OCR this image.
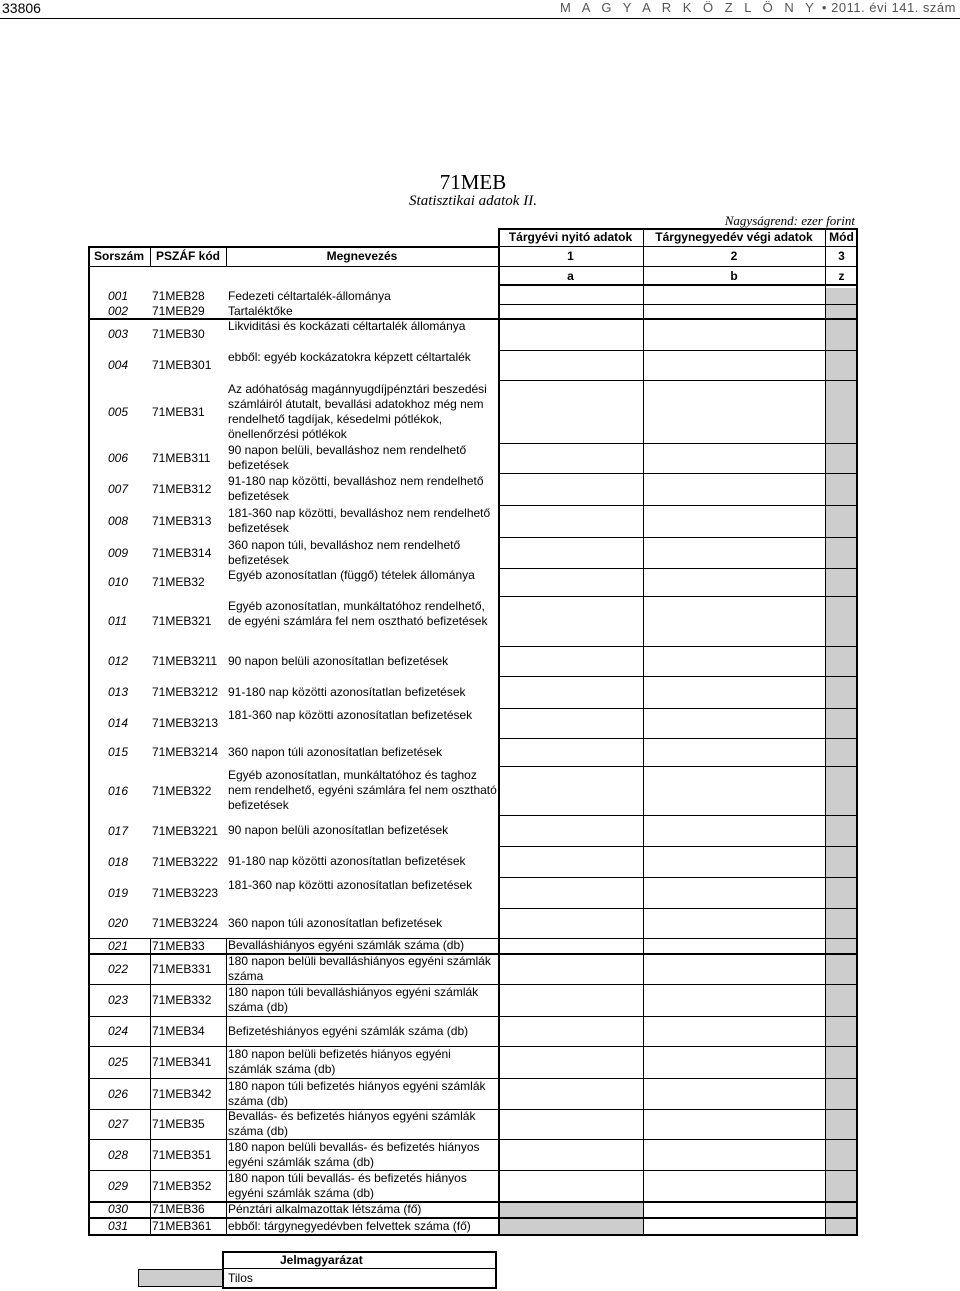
33806	M A G Y A R K Ö Z L Ö N Y • 2011. évi 141. szám
71MEB
Statisztikai adatok II.
Nagyságrend: ezer forint
Tárgyévi nyitó adatok	Tárgynegyedév végi adatok	Mód
Sorszám PSZÁF kód	Megnevezés	1	2	3
a	b	z
001	71MEB28	Fedezeti céltartalék-állománya
002	71MEB29	Tartaléktőke
003	71MEB30
Likviditási és kockázati céltartalék állománya
004	71MEB301
ebből: egyéb kockázatokra képzett céltartalék
005	71MEB31
Az adóhatóság magánnyugdíjpénztári beszedési számláiról átutalt, bevallási adatokhoz még nem rendelhető tagdíjak, késedelmi pótlékok, önellenőrzési pótlékok
006	71MEB311
90 napon belüli, bevalláshoz nem rendelhető befizetések
007	71MEB312
91-180 nap közötti, bevalláshoz nem rendelhető befizetések
008	71MEB313
181-360 nap közötti, bevalláshoz nem rendelhető befizetések
009	71MEB314
360 napon túli, bevalláshoz nem rendelhető befizetések
010	71MEB32	Egyéb azonosítatlan (függő) tételek állománya
011	71MEB321
Egyéb azonosítatlan, munkáltatóhoz rendelhető, de egyéni számlára fel nem osztható befizetések
012	71MEB3211 90 napon belüli azonosítatlan befizetések
013	71MEB3212 91-180 nap közötti azonosítatlan befizetések
014	71MEB3213
181-360 nap közötti azonosítatlan befizetések
015	71MEB3214 360 napon túli azonosítatlan befizetések
016	71MEB322
Egyéb azonosítatlan, munkáltatóhoz és taghoz nem rendelhető, egyéni számlára fel nem osztható befizetések
017	71MEB3221 90 napon belüli azonosítatlan befizetések
018	71MEB3222 91-180 nap közötti azonosítatlan befizetések
019	71MEB3223
181-360 nap közötti azonosítatlan befizetések
020	71MEB3224 360 napon túli azonosítatlan befizetések
021	71MEB33	Bevalláshiányos egyéni számlák száma (db)
022	71MEB331
180 napon belüli bevalláshiányos egyéni számlák száma
023	71MEB332
180 napon túli bevalláshiányos egyéni számlák száma (db)
024	71MEB34	Befizetéshiányos egyéni számlák száma (db)
025	71MEB341
180 napon belüli befizetés hiányos egyéni számlák száma (db)
026	71MEB342
180 napon túli befizetés hiányos egyéni számlák száma (db)
027	71MEB35
Bevallás- és befizetés hiányos egyéni számlák száma (db)
028	71MEB351
180 napon belüli bevallás- és befizetés hiányos egyéni számlák száma (db)
029	71MEB352
180 napon túli bevallás- és befizetés hiányos egyéni számlák száma (db)
030	71MEB36	Pénztári alkalmazottak létszáma (fő)
031	71MEB361	ebből: tárgynegyedévben felvettek száma (fő)
Jelmagyarázat
Tilos
